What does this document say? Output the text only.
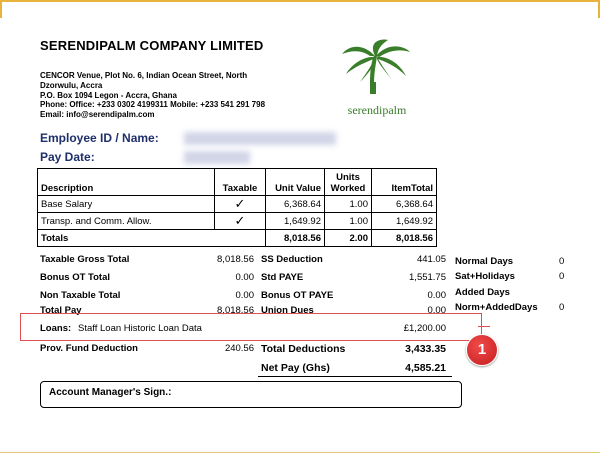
SERENDIPALM COMPANY LIMITED
CENCOR Venue, Plot No. 6, Indian Ocean Street, North
Dzorwulu, Accra
P.O. Box 1094 Legon - Accra, Ghana
Phone: Office: +233 0302 4199311 Mobile: +233 541 291 798
Email: info@serendipalm.com	serendipalm
Employee ID / Name:
Pay Date:
Description	Taxable	Unit Value	Units Worked	ItemTotal
Base Salary	✓	6,368.64	1.00	6,368.64
Transp. and Comm. Allow.	✓	1,649.92	1.00	1,649.92
Totals		8,018.56	2.00	8,018.56
Taxable Gross Total	8,018.56
Bonus OT Total	0.00
Non Taxable Total	0.00
Total Pay	8,018.56
SS Deduction	441.05
Std PAYE	1,551.75
Bonus OT PAYE	0.00
Union Dues	0.00
Normal Days	0
Sat+Holidays	0
Added Days
Norm+AddedDays 0
Loans: Staff Loan Historic Loan Data	£1,200.00
1
Prov. Fund Deduction	240.56 Total Deductions	3,433.35
Net Pay (Ghs)	4,585.21
Account Manager's Sign.:
